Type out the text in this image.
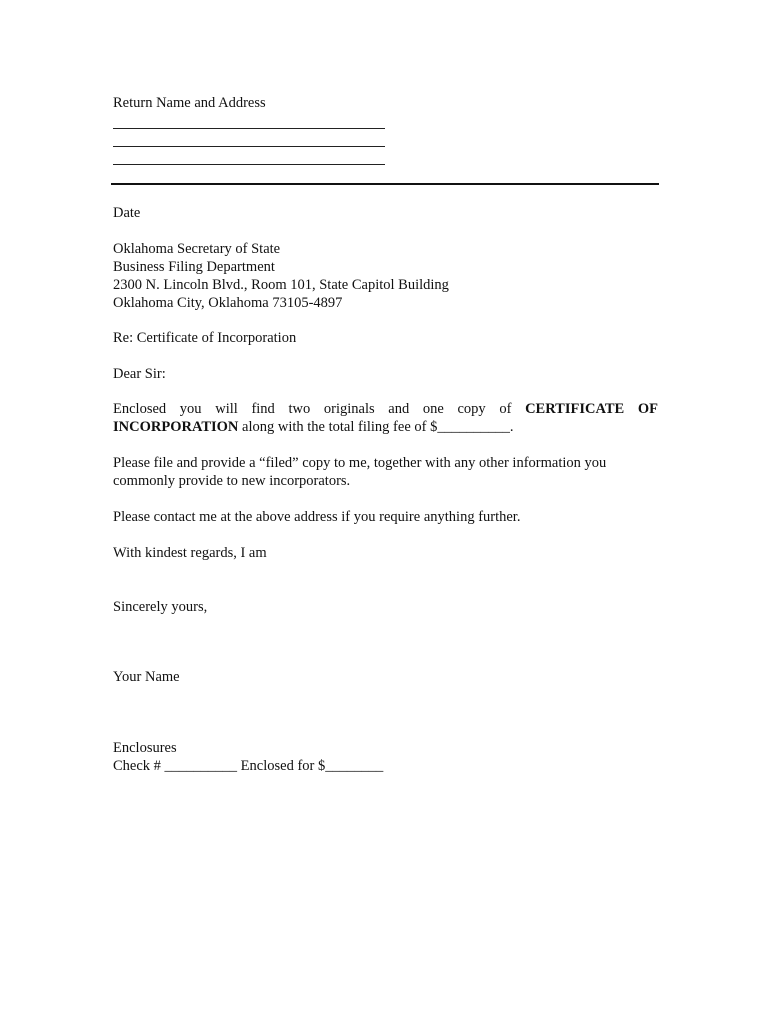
Return Name and Address
Date
Oklahoma Secretary of State
Business Filing Department
2300 N. Lincoln Blvd., Room 101, State Capitol Building
Oklahoma City, Oklahoma 73105-4897
Re: Certificate of Incorporation
Dear Sir:
Enclosed you will find two originals and one copy of CERTIFICATE OF
INCORPORATION along with the total filing fee of $__________.
Please file and provide a “filed” copy to me, together with any other information you
commonly provide to new incorporators.
Please contact me at the above address if you require anything further.
With kindest regards, I am
Sincerely yours,
Your Name
Enclosures
Check # __________ Enclosed for $________
